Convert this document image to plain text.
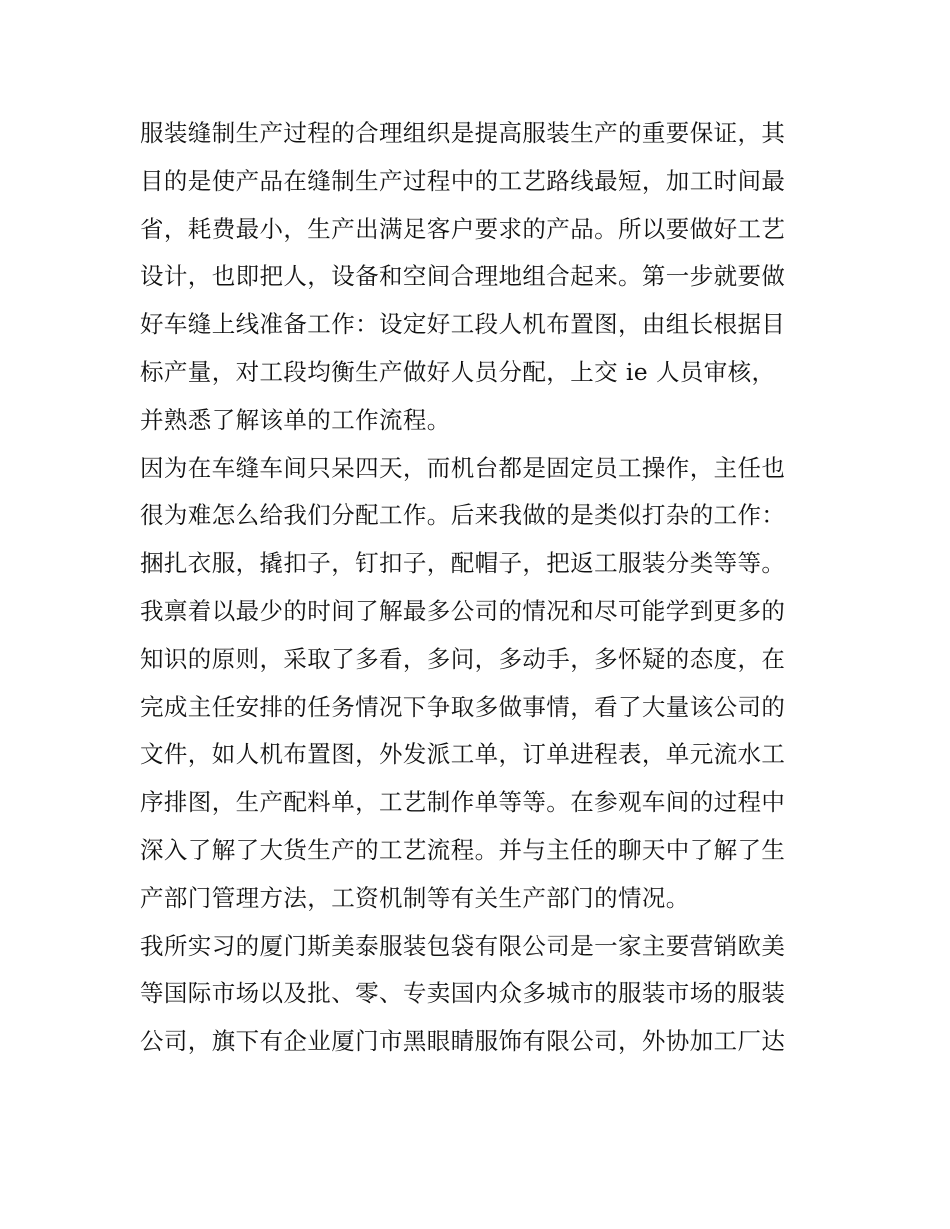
服装缝制生产过程的合理组织是提高服装生产的重要保证，其
目的是使产品在缝制生产过程中的工艺路线最短，加工时间最
省，耗费最小，生产出满足客户要求的产品。所以要做好工艺
设计，也即把人，设备和空间合理地组合起来。第一步就要做
好车缝上线准备工作：设定好工段人机布置图，由组长根据目
标产量，对工段均衡生产做好人员分配，上交 ie 人员审核，
并熟悉了解该单的工作流程。
因为在车缝车间只呆四天，而机台都是固定员工操作，主任也
很为难怎么给我们分配工作。后来我做的是类似打杂的工作：
捆扎衣服，撬扣子，钉扣子，配帽子，把返工服装分类等等。
我禀着以最少的时间了解最多公司的情况和尽可能学到更多的
知识的原则，采取了多看，多问，多动手，多怀疑的态度，在
完成主任安排的任务情况下争取多做事情，看了大量该公司的
文件，如人机布置图，外发派工单，订单进程表，单元流水工
序排图，生产配料单，工艺制作单等等。在参观车间的过程中
深入了解了大货生产的工艺流程。并与主任的聊天中了解了生
产部门管理方法，工资机制等有关生产部门的情况。
我所实习的厦门斯美泰服装包袋有限公司是一家主要营销欧美
等国际市场以及批、零、专卖国内众多城市的服装市场的服装
公司，旗下有企业厦门市黑眼睛服饰有限公司，外协加工厂达
